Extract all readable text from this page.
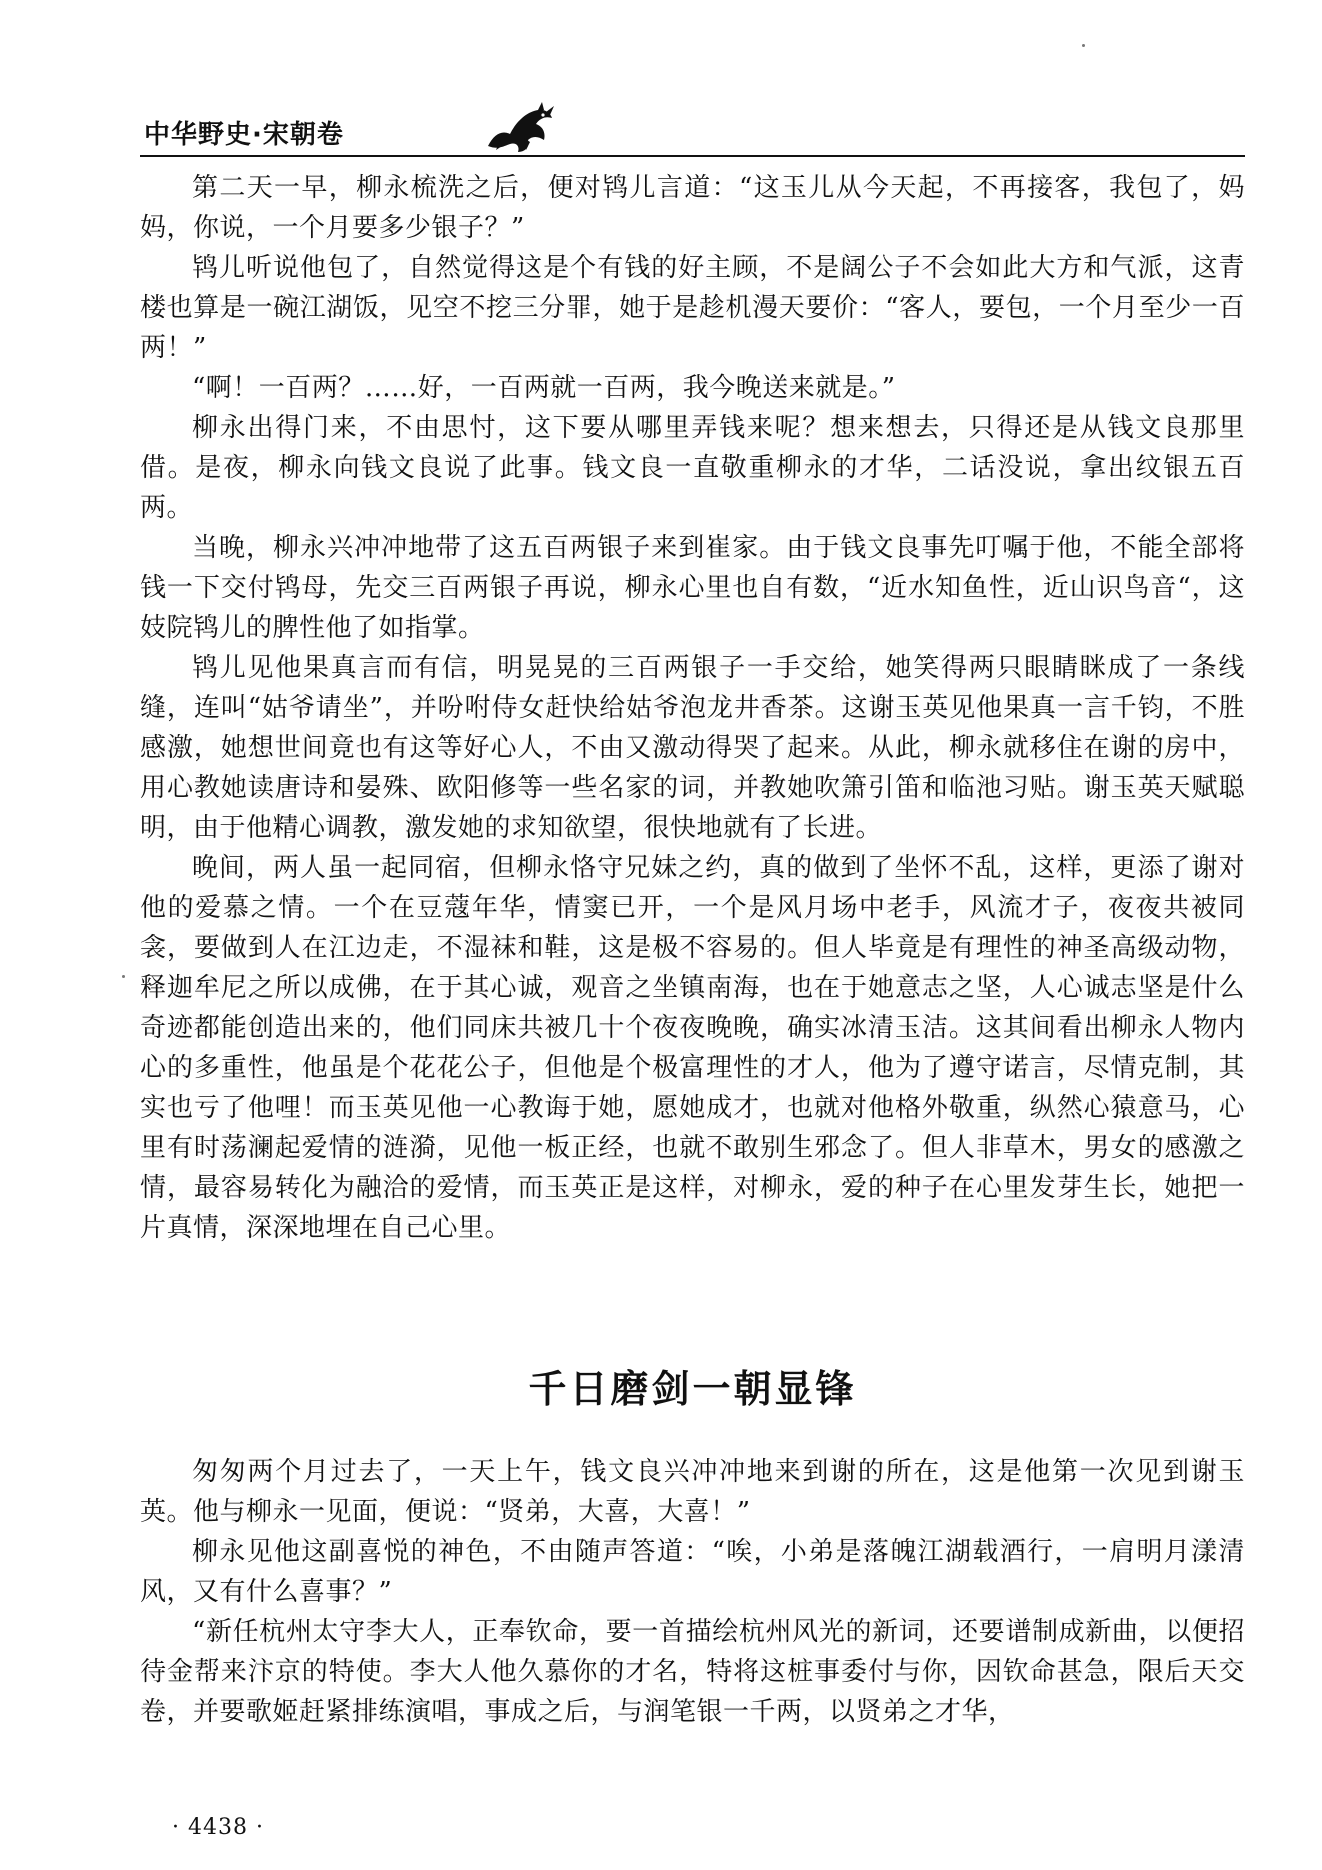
中华野史·宋朝卷

第二天一早，柳永梳洗之后，便对鸨儿言道：“这玉儿从今天起，不再接客，我包了，妈妈，你说，一个月要多少银子？”

鸨儿听说他包了，自然觉得这是个有钱的好主顾，不是阔公子不会如此大方和气派，这青楼也算是一碗江湖饭，见空不挖三分罪，她于是趁机漫天要价：“客人，要包，一个月至少一百两！”

“啊！一百两？……好，一百两就一百两，我今晚送来就是。”

柳永出得门来，不由思忖，这下要从哪里弄钱来呢？想来想去，只得还是从钱文良那里借。是夜，柳永向钱文良说了此事。钱文良一直敬重柳永的才华，二话没说，拿出纹银五百两。

当晚，柳永兴冲冲地带了这五百两银子来到崔家。由于钱文良事先叮嘱于他，不能全部将钱一下交付鸨母，先交三百两银子再说，柳永心里也自有数，“近水知鱼性，近山识鸟音“，这妓院鸨儿的脾性他了如指掌。

鸨儿见他果真言而有信，明晃晃的三百两银子一手交给，她笑得两只眼睛眯成了一条线缝，连叫“姑爷请坐”，并吩咐侍女赶快给姑爷泡龙井香茶。这谢玉英见他果真一言千钧，不胜感激，她想世间竟也有这等好心人，不由又激动得哭了起来。从此，柳永就移住在谢的房中，用心教她读唐诗和晏殊、欧阳修等一些名家的词，并教她吹箫引笛和临池习贴。谢玉英天赋聪明，由于他精心调教，激发她的求知欲望，很快地就有了长进。

晚间，两人虽一起同宿，但柳永恪守兄妹之约，真的做到了坐怀不乱，这样，更添了谢对他的爱慕之情。一个在豆蔻年华，情窦已开，一个是风月场中老手，风流才子，夜夜共被同衾，要做到人在江边走，不湿袜和鞋，这是极不容易的。但人毕竟是有理性的神圣高级动物，释迦牟尼之所以成佛，在于其心诚，观音之坐镇南海，也在于她意志之坚，人心诚志坚是什么奇迹都能创造出来的，他们同床共被几十个夜夜晚晚，确实冰清玉洁。这其间看出柳永人物内心的多重性，他虽是个花花公子，但他是个极富理性的才人，他为了遵守诺言，尽情克制，其实也亏了他哩！而玉英见他一心教诲于她，愿她成才，也就对他格外敬重，纵然心猿意马，心里有时荡澜起爱情的涟漪，见他一板正经，也就不敢别生邪念了。但人非草木，男女的感激之情，最容易转化为融洽的爱情，而玉英正是这样，对柳永，爱的种子在心里发芽生长，她把一片真情，深深地埋在自己心里。

千日磨剑一朝显锋

匆匆两个月过去了，一天上午，钱文良兴冲冲地来到谢的所在，这是他第一次见到谢玉英。他与柳永一见面，便说：“贤弟，大喜，大喜！”

柳永见他这副喜悦的神色，不由随声答道：“唉，小弟是落魄江湖载酒行，一肩明月漾清风，又有什么喜事？”

“新任杭州太守李大人，正奉钦命，要一首描绘杭州风光的新词，还要谱制成新曲，以便招待金帮来汴京的特使。李大人他久慕你的才名，特将这桩事委付与你，因钦命甚急，限后天交卷，并要歌姬赶紧排练演唱，事成之后，与润笔银一千两，以贤弟之才华，

· 4438 ·
